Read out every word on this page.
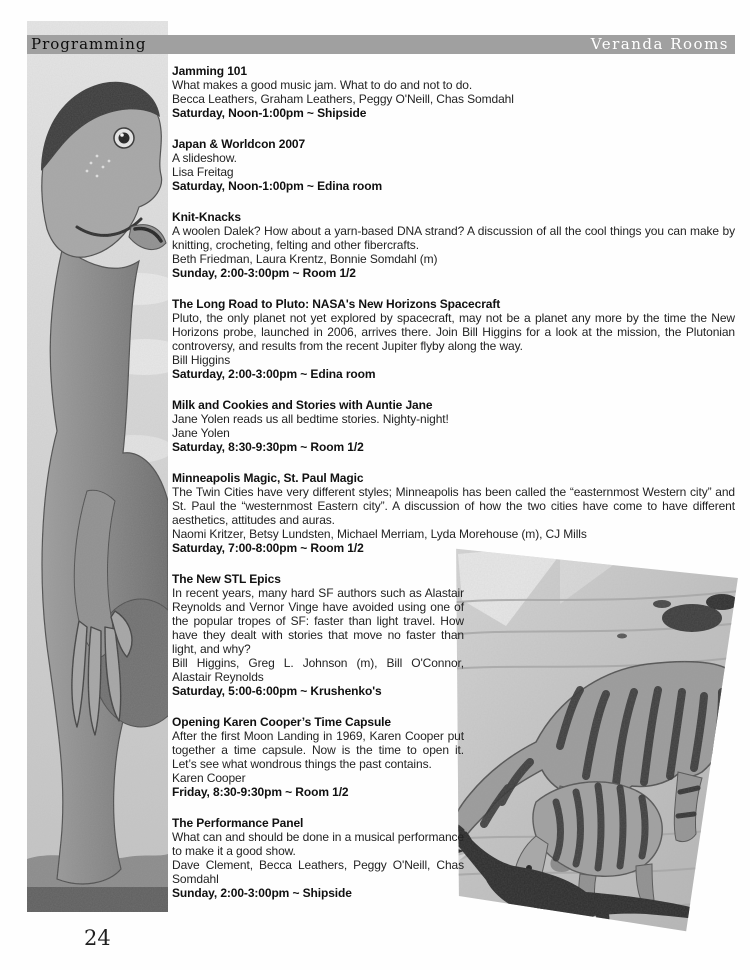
Programming	Veranda Rooms
Jamming 101
What makes a good music jam. What to do and not to do.
Becca Leathers, Graham Leathers, Peggy O'Neill, Chas Somdahl
Saturday, Noon-1:00pm ~ Shipside
Japan & Worldcon 2007
A slideshow.
Lisa Freitag
Saturday, Noon-1:00pm ~ Edina room
Knit-Knacks
A woolen Dalek? How about a yarn-based DNA strand? A discussion of all the cool things you can make by knitting, crocheting, felting and other fibercrafts.
Beth Friedman, Laura Krentz, Bonnie Somdahl (m)
Sunday, 2:00-3:00pm ~ Room 1/2
The Long Road to Pluto: NASA's New Horizons Spacecraft
Pluto, the only planet not yet explored by spacecraft, may not be a planet any more by the time the New Horizons probe, launched in 2006, arrives there. Join Bill Higgins for a look at the mission, the Plutonian controversy, and results from the recent Jupiter flyby along the way.
Bill Higgins
Saturday, 2:00-3:00pm ~ Edina room
Milk and Cookies and Stories with Auntie Jane
Jane Yolen reads us all bedtime stories. Nighty-night!
Jane Yolen
Saturday, 8:30-9:30pm ~ Room 1/2
Minneapolis Magic, St. Paul Magic
The Twin Cities have very different styles; Minneapolis has been called the “easternmost Western city” and St. Paul the “westernmost Eastern city”. A discussion of how the two cities have come to have different aesthetics, attitudes and auras.
Naomi Kritzer, Betsy Lundsten, Michael Merriam, Lyda Morehouse (m), CJ Mills
Saturday, 7:00-8:00pm ~ Room 1/2
The New STL Epics
In recent years, many hard SF authors such as Alastair Reynolds and Vernor Vinge have avoided using one of the popular tropes of SF: faster than light travel. How have they dealt with stories that move no faster than light, and why?
Bill Higgins, Greg L. Johnson (m), Bill O'Connor, Alastair Reynolds
Saturday, 5:00-6:00pm ~ Krushenko's
Opening Karen Cooper’s Time Capsule
After the first Moon Landing in 1969, Karen Cooper put together a time capsule. Now is the time to open it. Let’s see what wondrous things the past contains.
Karen Cooper
Friday, 8:30-9:30pm ~ Room 1/2
The Performance Panel
What can and should be done in a musical performance to make it a good show.
Dave Clement, Becca Leathers, Peggy O'Neill, Chas Somdahl
Sunday, 2:00-3:00pm ~ Shipside
24
